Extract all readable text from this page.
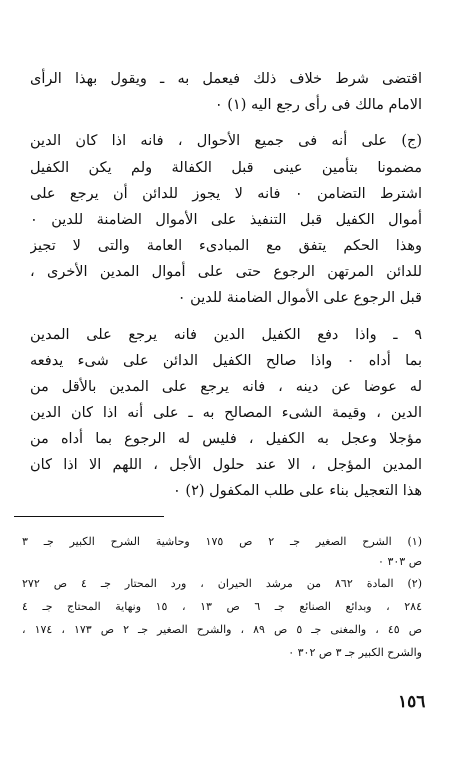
اقتضى شرط خلاف ذلك فيعمل به ـ ويقول بهذا الرأى
الامام مالك فى رأى رجع اليه (١) ٠
(ج) على أنه فى جميع الأحوال ، فانه اذا كان الدين
مضمونا بتأمين عينى قبل الكفالة ولم يكن الكفيل
اشترط التضامن ٠ فانه لا يجوز للدائن أن يرجع على
أموال الكفيل قبل التنفيذ على الأموال الضامنة للدين ٠
وهذا الحكم يتفق مع المبادىء العامة والتى لا تجيز
للدائن المرتهن الرجوع حتى على أموال المدين الأخرى ،
قبل الرجوع على الأموال الضامنة للدين ٠
٩ ـ واذا دفع الكفيل الدين فانه يرجع على المدين
بما أداه ٠ واذا صالح الكفيل الدائن على شىء يدفعه
له عوضا عن دينه ، فانه يرجع على المدين بالأقل من
الدين ، وقيمة الشىء المصالح به ـ على أنه اذا كان الدين
مؤجلا وعجل به الكفيل ، فليس له الرجوع بما أداه من
المدين المؤجل ، الا عند حلول الأجل ، اللهم الا اذا كان
هذا التعجيل بناء على طلب المكفول (٢) ٠
(١) الشرح الصغير جـ ٢ ص ١٧٥ وحاشية الشرح الكبير جـ ٣
ص ٣٠٣ ٠
(٢) المادة ٨٦٢ من مرشد الحيران ، ورد المحتار جـ ٤ ص ٢٧٢
٢٨٤ ، وبدائع الصنائع جـ ٦ ص ١٣ ، ١٥ ونهاية المحتاج جـ ٤
ص ٤٥ ، والمغنى جـ ٥ ص ٨٩ ، والشرح الصغير جـ ٢ ص ١٧٣ ، ١٧٤ ،
والشرح الكبير جـ ٣ ص ٣٠٢ ٠
١٥٦
